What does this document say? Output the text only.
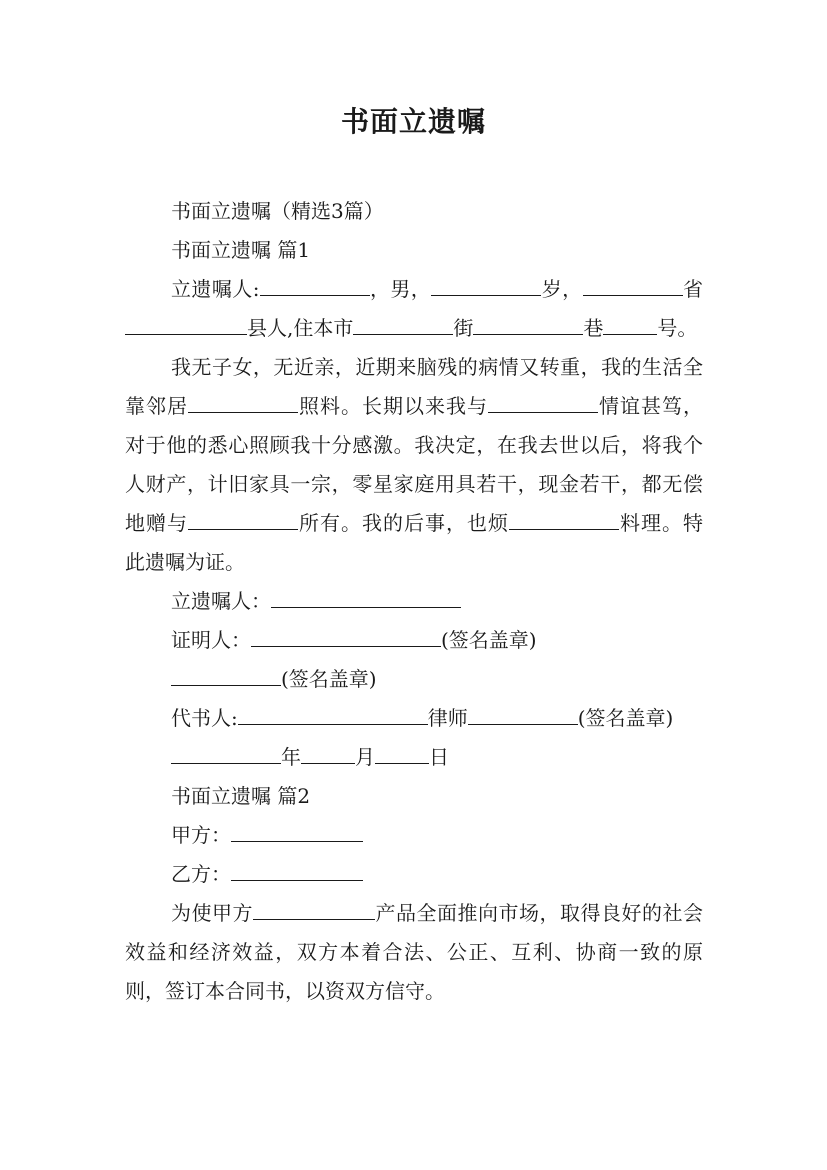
书面立遗嘱

书面立遗嘱（精选3篇）

书面立遗嘱 篇1

立遗嘱人:	，男，	岁，	省县人,住本市	街	巷	号。

我无子女，无近亲，近期来脑残的病情又转重，我的生活全靠邻居	照料。长期以来我与	情谊甚笃，对于他的悉心照顾我十分感激。我决定，在我去世以后，将我个人财产，计旧家具一宗，零星家庭用具若干，现金若干，都无偿地赠与	所有。我的后事，也烦	料理。特此遗嘱为证。

立遗嘱人：

证明人：	(签名盖章)

(签名盖章)

代书人:	律师	(签名盖章)

年	月	日

书面立遗嘱 篇2

甲方：

乙方：

为使甲方	产品全面推向市场，取得良好的社会效益和经济效益，双方本着合法、公正、互利、协商一致的原则，签订本合同书，以资双方信守。
